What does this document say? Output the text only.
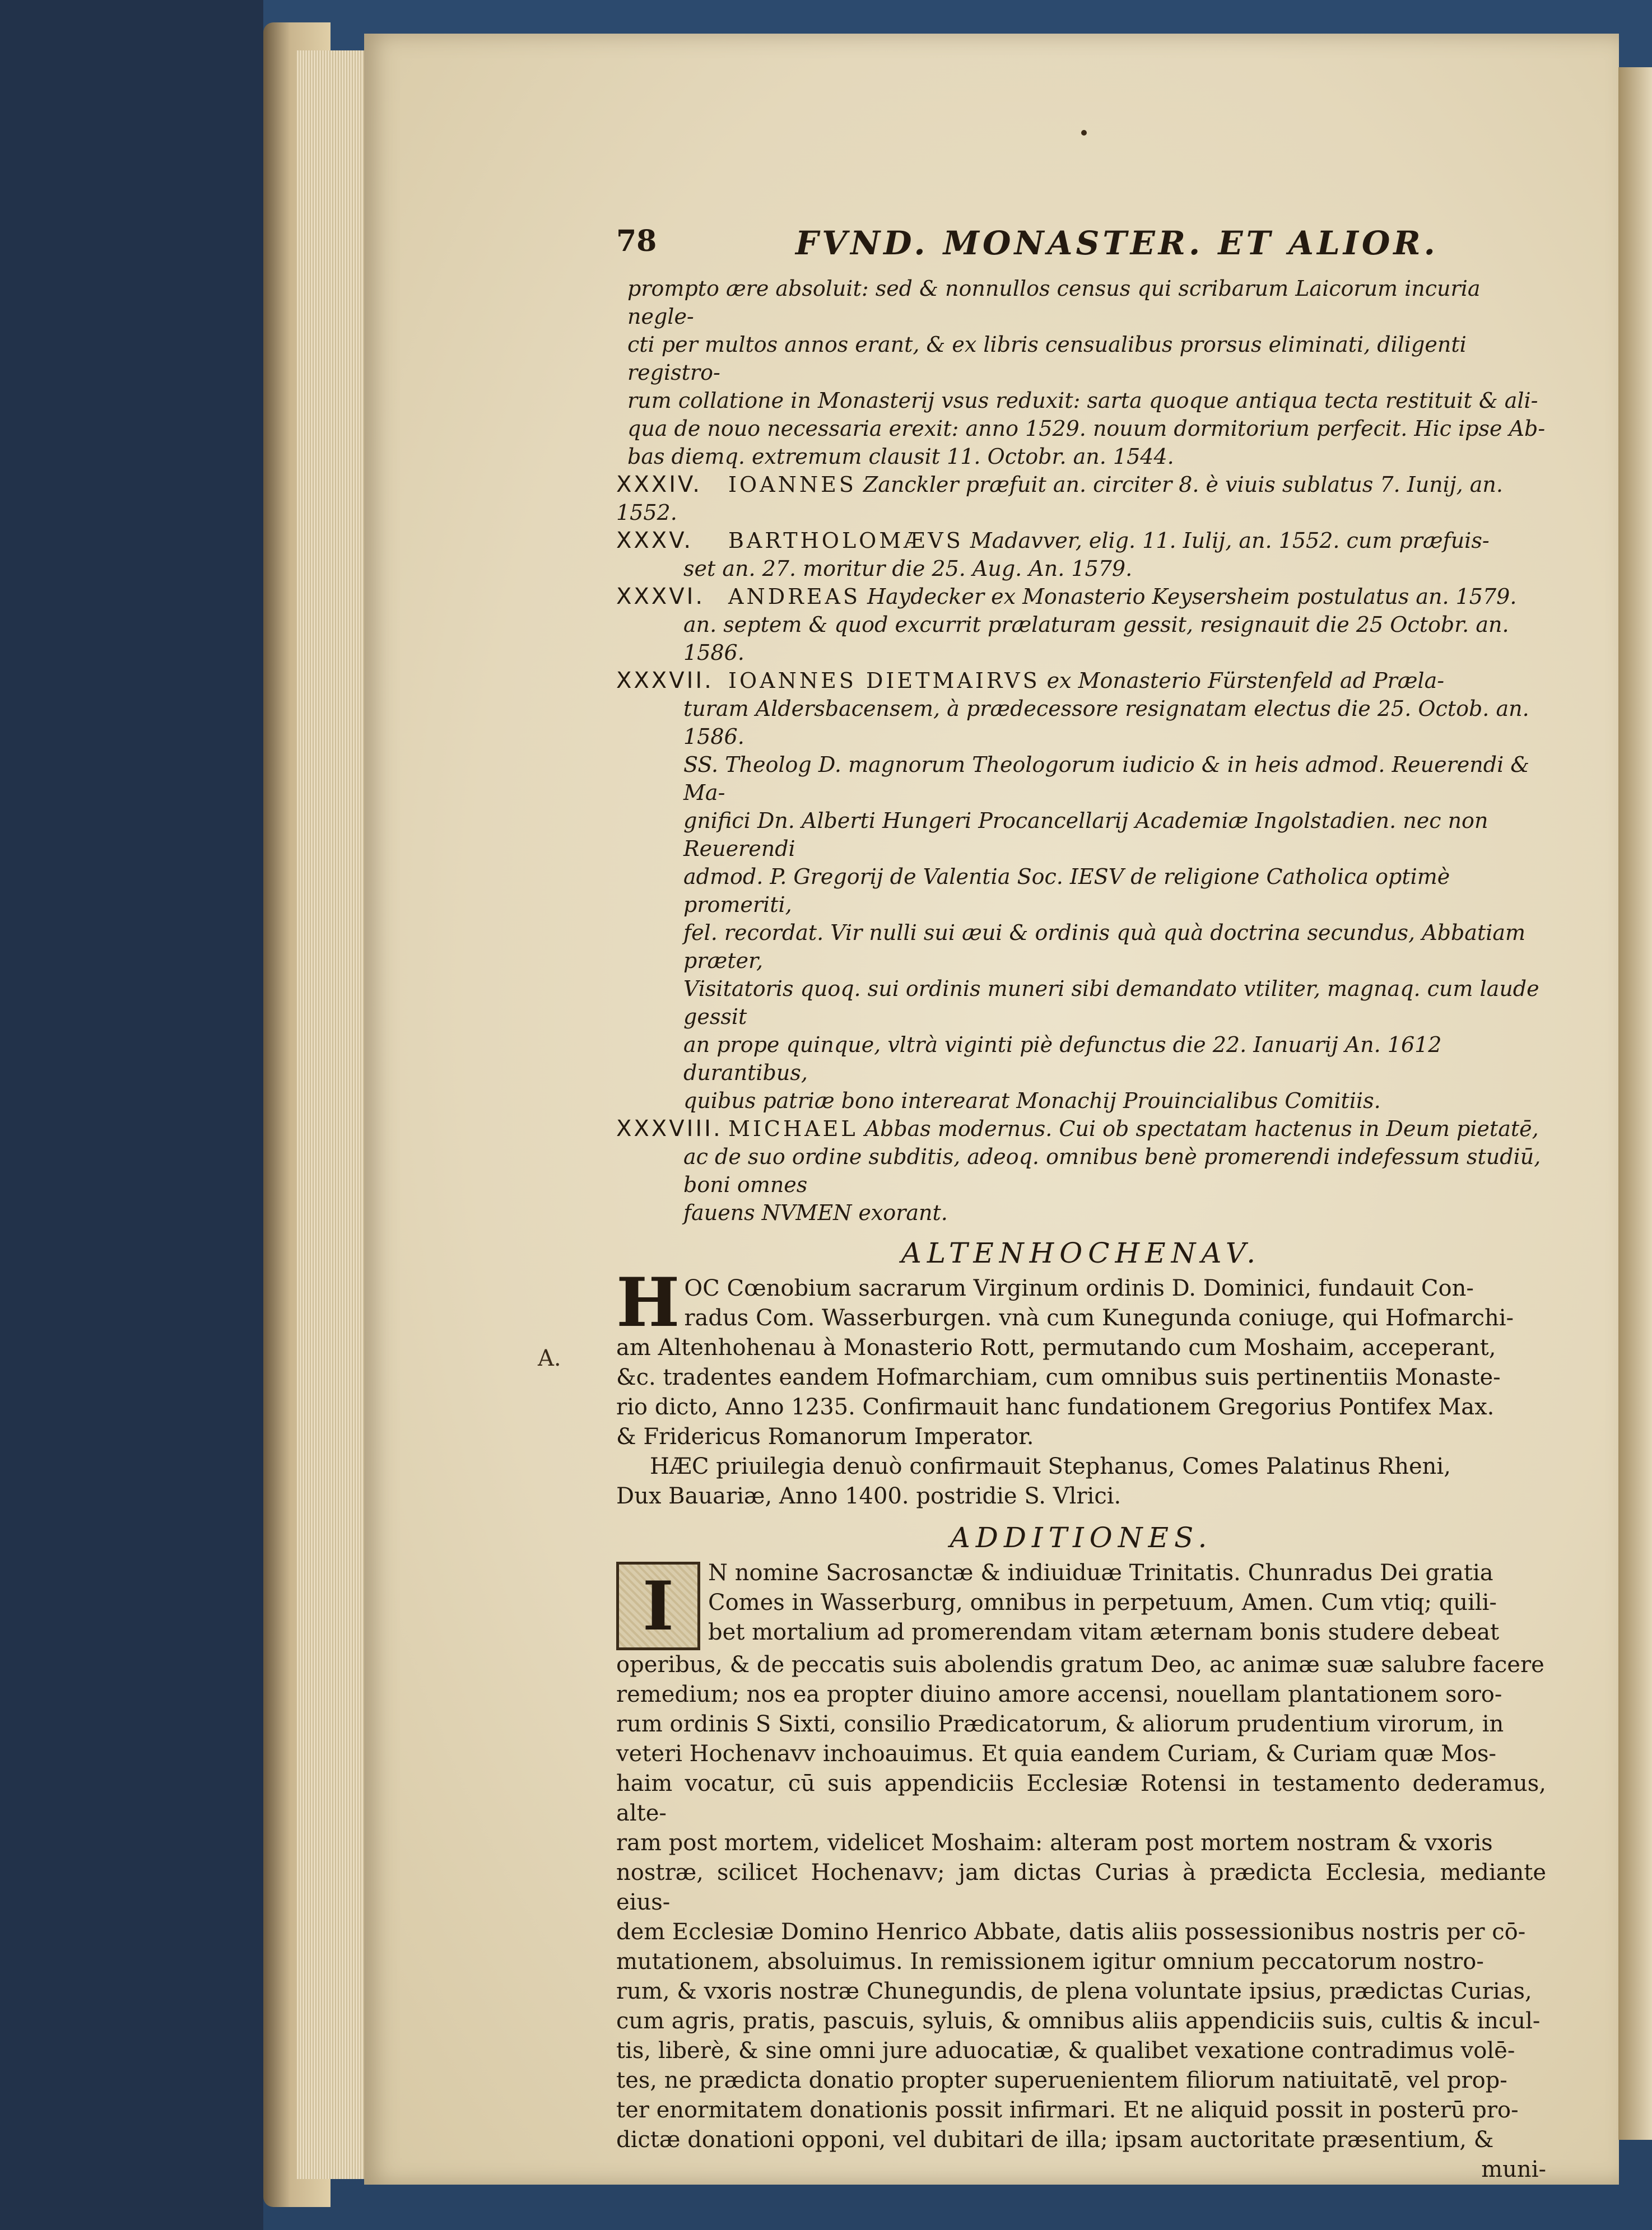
A.
78	FVND. MONASTER. ET ALIOR.
prompto ære absoluit: sed & nonnullos census qui scribarum Laicorum incuria negle-
cti per multos annos erant, & ex libris censualibus prorsus eliminati, diligenti registro-
rum collatione in Monasterij vsus reduxit: sarta quoque antiqua tecta restituit & ali-
qua de nouo necessaria erexit: anno 1529. nouum dormitorium perfecit. Hic ipse Ab-
bas diemq. extremum clausit 11. Octobr. an. 1544.
XXXIV. IOANNES Zanckler præfuit an. circiter 8. è viuis sublatus 7. Iunij, an. 1552.
XXXV. BARTHOLOMÆVS Madavver, elig. 11. Iulij, an. 1552. cum præfuis-
set an. 27. moritur die 25. Aug. An. 1579.
XXXVI. ANDREAS Haydecker ex Monasterio Keysersheim postulatus an. 1579.
an. septem & quod excurrit prælaturam gessit, resignauit die 25 Octobr. an. 1586.
XXXVII. IOANNES DIETMAIRVS ex Monasterio Fürstenfeld ad Præla-
turam Aldersbacensem, à prædecessore resignatam electus die 25. Octob. an. 1586.
SS. Theolog D. magnorum Theologorum iudicio & in heis admod. Reuerendi & Ma-
gnifici Dn. Alberti Hungeri Procancellarij Academiæ Ingolstadien. nec non Reuerendi
admod. P. Gregorij de Valentia Soc. IESV de religione Catholica optimè promeriti,
fel. recordat. Vir nulli sui æui & ordinis quà quà doctrina secundus, Abbatiam præter,
Visitatoris quoq. sui ordinis muneri sibi demandato vtiliter, magnaq. cum laude gessit
an prope quinque, vltrà viginti piè defunctus die 22. Ianuarij An. 1612 durantibus,
quibus patriæ bono interearat Monachij Prouincialibus Comitiis.
XXXVIII. MICHAEL Abbas modernus. Cui ob spectatam hactenus in Deum pietatē,
ac de suo ordine subditis, adeoq. omnibus benè promerendi indefessum studiū, boni omnes
fauens NVMEN exorant.
ALTENHOCHENAV.
H OC Cœnobium sacrarum Virginum ordinis D. Dominici, fundauit Con-
radus Com. Wasserburgen. vnà cum Kunegunda coniuge, qui Hofmarchi-
am Altenhohenau à Monasterio Rott, permutando cum Moshaim, acceperant,
&c. tradentes eandem Hofmarchiam, cum omnibus suis pertinentiis Monaste-
rio dicto, Anno 1235. Confirmauit hanc fundationem Gregorius Pontifex Max.
& Fridericus Romanorum Imperator.
HÆC priuilegia denuò confirmauit Stephanus, Comes Palatinus Rheni,
Dux Bauariæ, Anno 1400. postridie S. Vlrici.
ADDITIONES.
I	N nomine Sacrosanctæ & indiuiduæ Trinitatis. Chunradus Dei gratia
Comes in Wasserburg, omnibus in perpetuum, Amen. Cum vtiq; quili-
bet mortalium ad promerendam vitam æternam bonis studere debeat
operibus, & de peccatis suis abolendis gratum Deo, ac animæ suæ salubre facere
remedium; nos ea propter diuino amore accensi, nouellam plantationem soro-
rum ordinis S Sixti, consilio Prædicatorum, & aliorum prudentium virorum, in
veteri Hochenavv inchoauimus. Et quia eandem Curiam, & Curiam quæ Mos-
haim vocatur, cū suis appendiciis Ecclesiæ Rotensi in testamento dederamus, alte-
ram post mortem, videlicet Moshaim: alteram post mortem nostram & vxoris
nostræ, scilicet Hochenavv; jam dictas Curias à prædicta Ecclesia, mediante eius-
dem Ecclesiæ Domino Henrico Abbate, datis aliis possessionibus nostris per cō-
mutationem, absoluimus. In remissionem igitur omnium peccatorum nostro-
rum, & vxoris nostræ Chunegundis, de plena voluntate ipsius, prædictas Curias,
cum agris, pratis, pascuis, syluis, & omnibus aliis appendiciis suis, cultis & incul-
tis, liberè, & sine omni jure aduocatiæ, & qualibet vexatione contradimus volē-
tes, ne prædicta donatio propter superuenientem filiorum natiuitatē, vel prop-
ter enormitatem donationis possit infirmari. Et ne aliquid possit in posterū pro-
dictæ donationi opponi, vel dubitari de illa; ipsam auctoritate præsentium, &
muni-
